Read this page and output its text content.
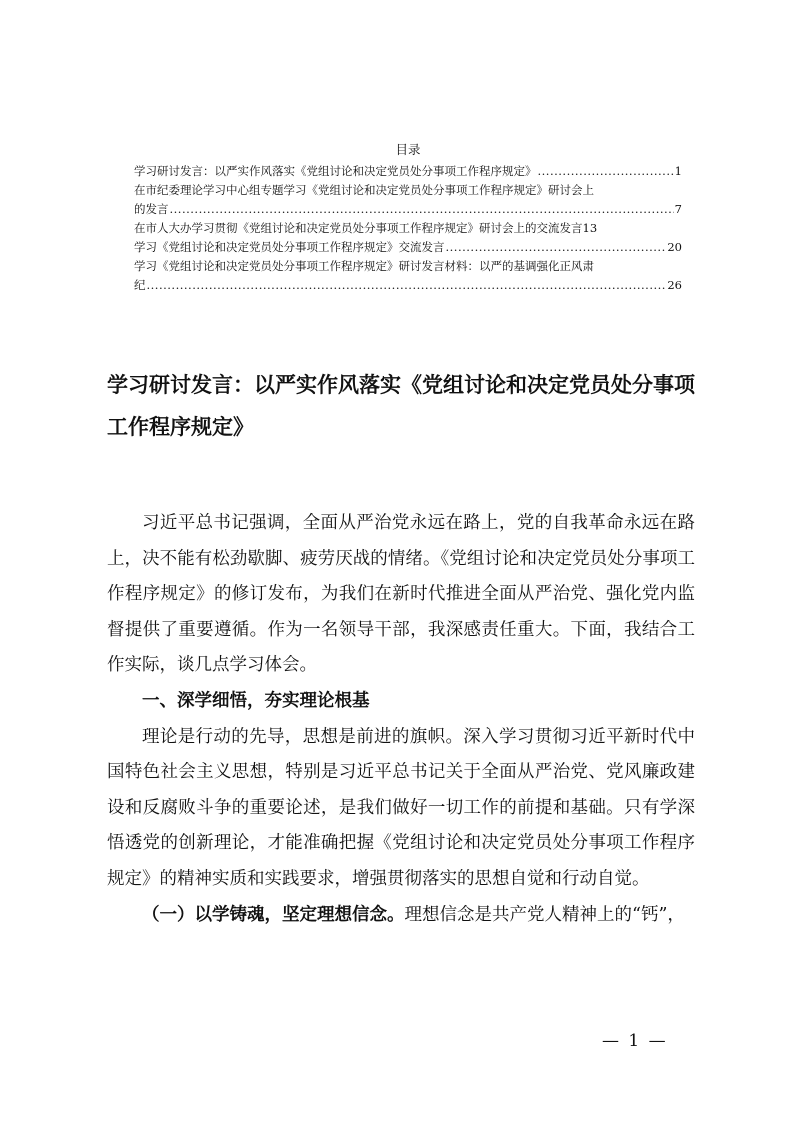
目录
学习研讨发言：以严实作风落实《党组讨论和决定党员处分事项工作程序规定》 .....	1
在市纪委理论学习中心组专题学习《党组讨论和决定党员处分事项工作程序规定》研讨会上
的发言 .....	7
在市人大办学习贯彻《党组讨论和决定党员处分事项工作程序规定》研讨会上的交流发言 13
学习《党组讨论和决定党员处分事项工作程序规定》交流发言 .....	20
学习《党组讨论和决定党员处分事项工作程序规定》研讨发言材料：以严的基调强化正风肃
纪 .....	26
学习研讨发言：以严实作风落实《党组讨论和决定党员处分事项工作程序规定》

习近平总书记强调，全面从严治党永远在路上，党的自我革命永远在路上，决不能有松劲歇脚、疲劳厌战的情绪。《党组讨论和决定党员处分事项工作程序规定》的修订发布，为我们在新时代推进全面从严治党、强化党内监督提供了重要遵循。作为一名领导干部，我深感责任重大。下面，我结合工作实际，谈几点学习体会。

一、深学细悟，夯实理论根基

理论是行动的先导，思想是前进的旗帜。深入学习贯彻习近平新时代中国特色社会主义思想，特别是习近平总书记关于全面从严治党、党风廉政建设和反腐败斗争的重要论述，是我们做好一切工作的前提和基础。只有学深悟透党的创新理论，才能准确把握《党组讨论和决定党员处分事项工作程序规定》的精神实质和实践要求，增强贯彻落实的思想自觉和行动自觉。

（一）以学铸魂，坚定理想信念。理想信念是共产党人精神上的“钙”，

— 1 —
